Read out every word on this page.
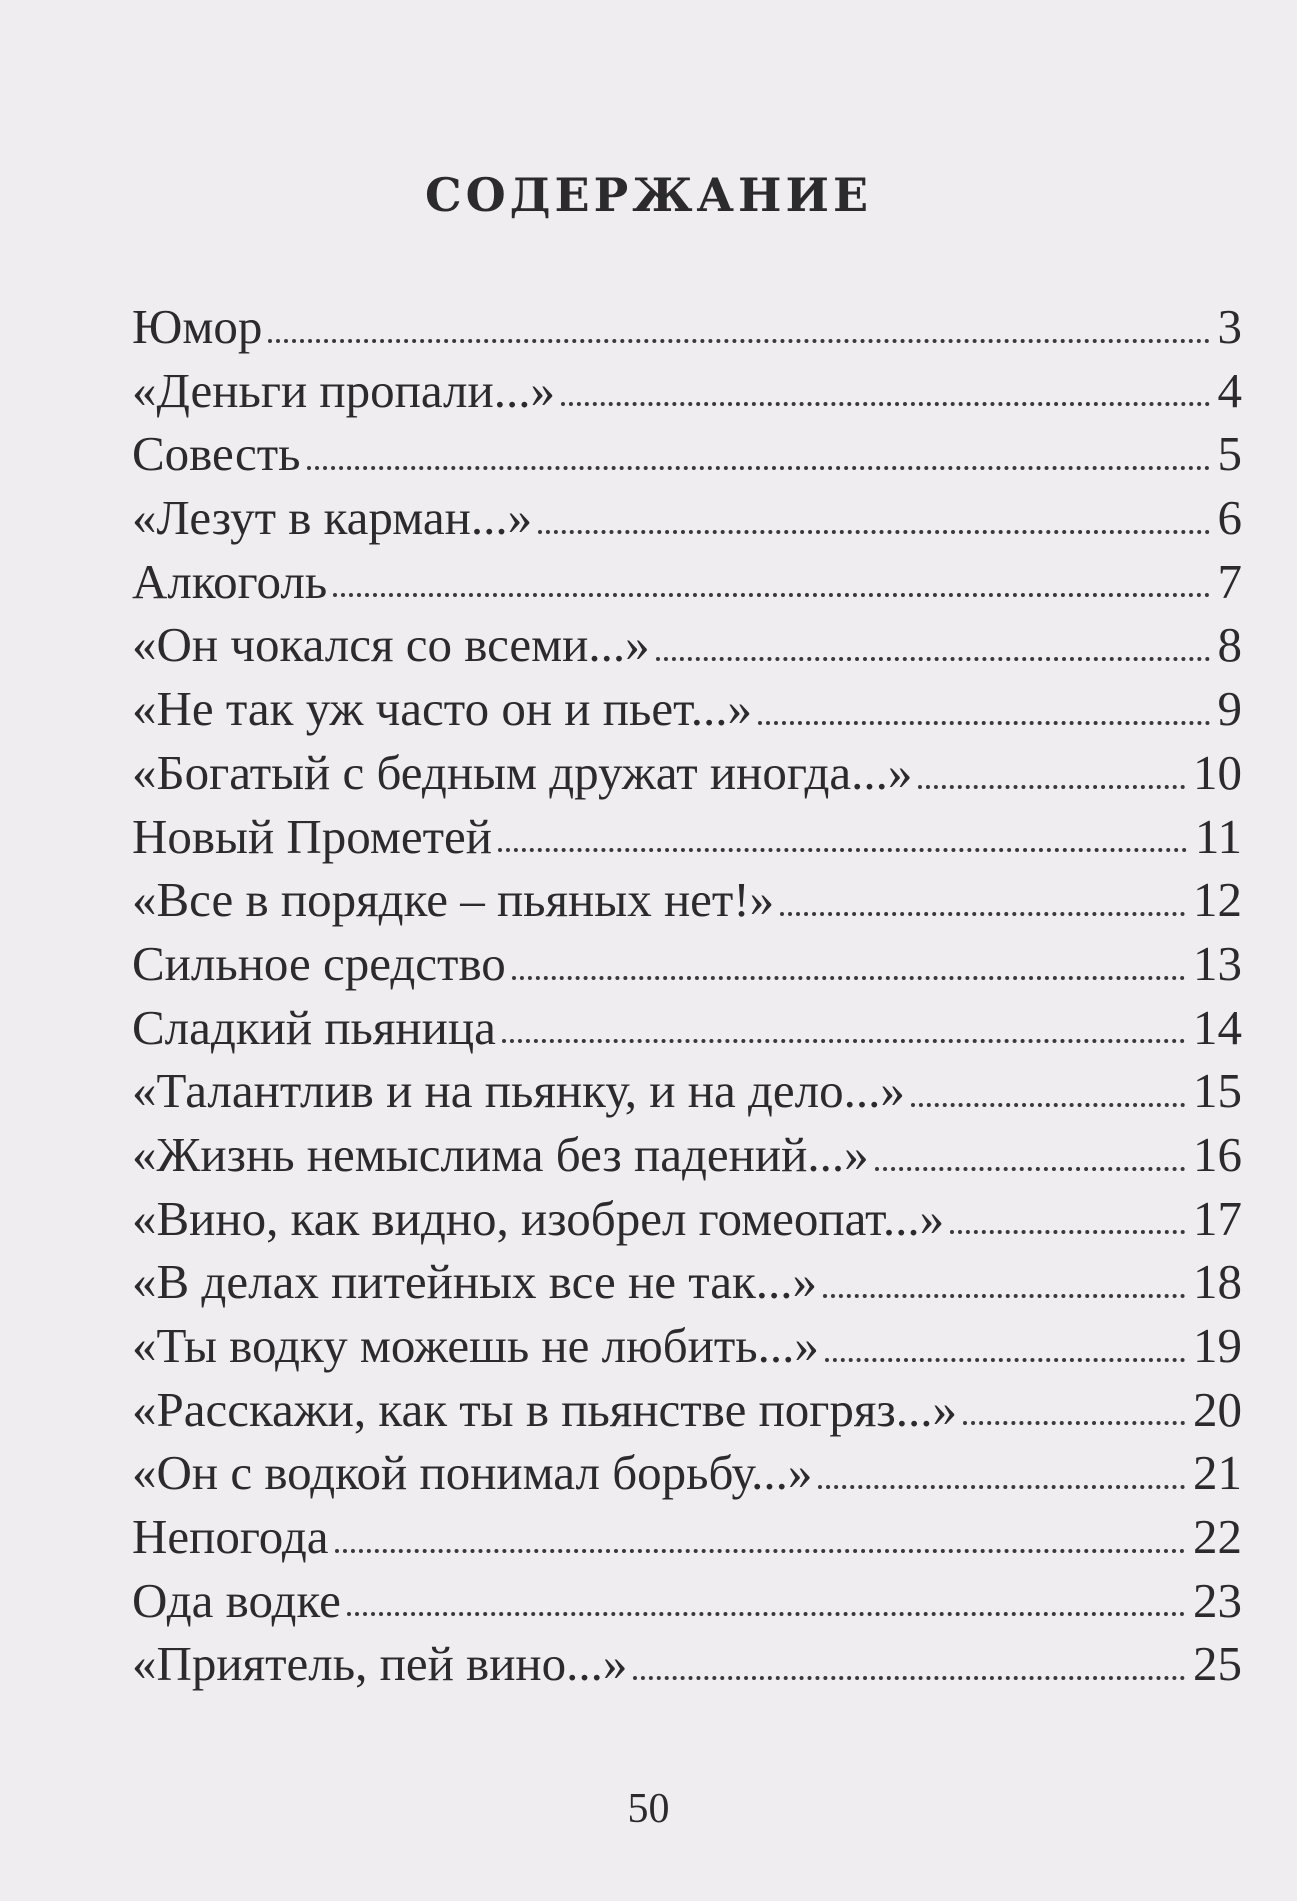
СОДЕРЖАНИЕ
Юмор	3
«Деньги пропали...»	4
Совесть	5
«Лезут в карман...»	6
Алкоголь	7
«Он чокался со всеми...»	8
«Не так уж часто он и пьет...»	9
«Богатый с бедным дружат иногда...»	10
Новый Прометей	11
«Все в порядке – пьяных нет!»	12
Сильное средство	13
Сладкий пьяница	14
«Талантлив и на пьянку, и на дело...»	15
«Жизнь немыслима без падений...»	16
«Вино, как видно, изобрел гомеопат...»	17
«В делах питейных все не так...»	18
«Ты водку можешь не любить...»	19
«Расскажи, как ты в пьянстве погряз...»	20
«Он с водкой понимал борьбу...»	21
Непогода	22
Ода водке	23
«Приятель, пей вино...»	25
50
